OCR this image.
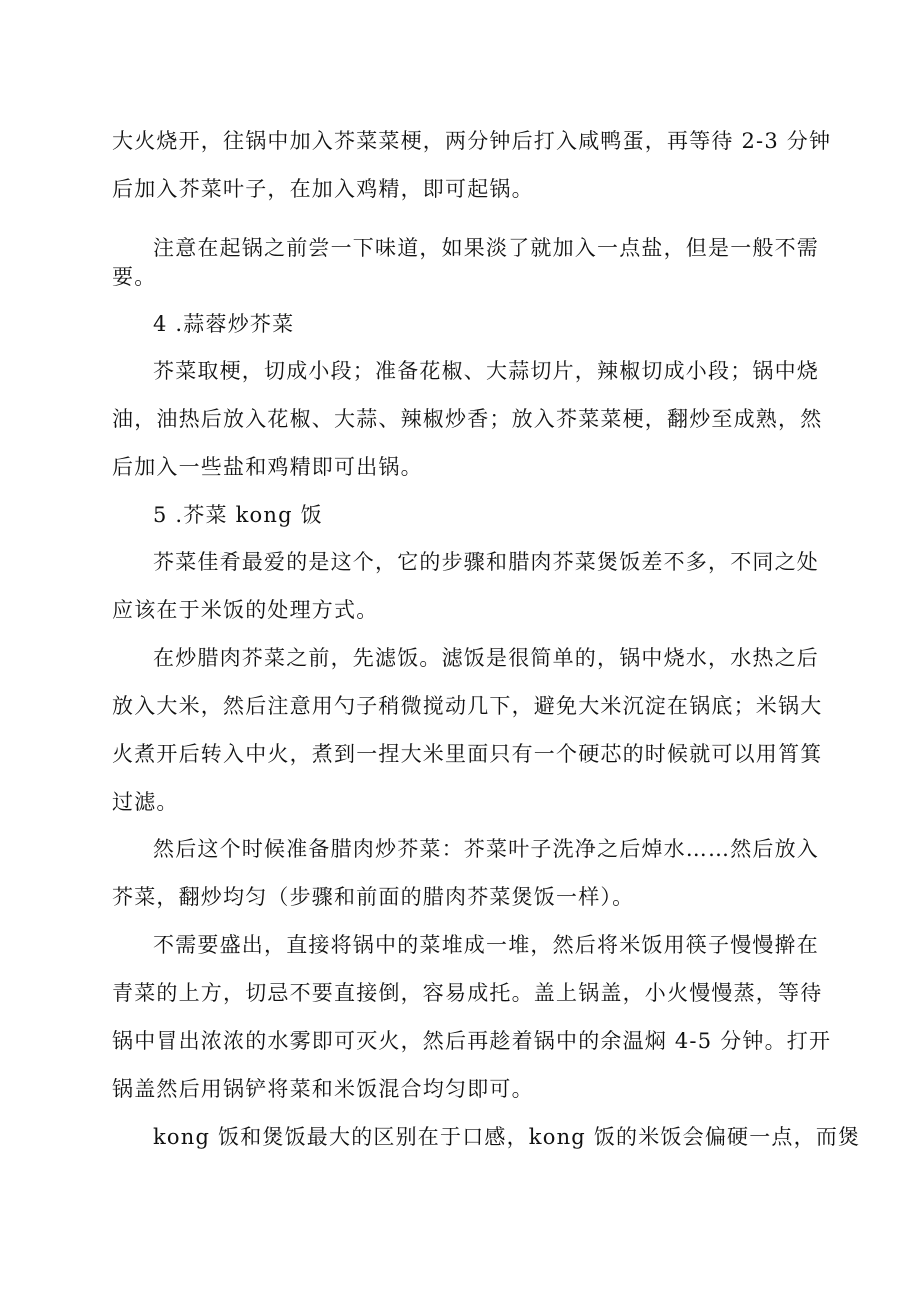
大火烧开，往锅中加入芥菜菜梗，两分钟后打入咸鸭蛋，再等待 2-3 分钟
后加入芥菜叶子，在加入鸡精，即可起锅。
注意在起锅之前尝一下味道，如果淡了就加入一点盐，但是一般不需
要。
4 .蒜蓉炒芥菜
芥菜取梗，切成小段；准备花椒、大蒜切片，辣椒切成小段；锅中烧
油，油热后放入花椒、大蒜、辣椒炒香；放入芥菜菜梗，翻炒至成熟，然
后加入一些盐和鸡精即可出锅。
5 .芥菜 kong 饭
芥菜佳肴最爱的是这个，它的步骤和腊肉芥菜煲饭差不多，不同之处
应该在于米饭的处理方式。
在炒腊肉芥菜之前，先滤饭。滤饭是很简单的，锅中烧水，水热之后
放入大米，然后注意用勺子稍微搅动几下，避免大米沉淀在锅底；米锅大
火煮开后转入中火，煮到一捏大米里面只有一个硬芯的时候就可以用筲箕
过滤。
然后这个时候准备腊肉炒芥菜：芥菜叶子洗净之后焯水……然后放入
芥菜，翻炒均匀（步骤和前面的腊肉芥菜煲饭一样）。
不需要盛出，直接将锅中的菜堆成一堆，然后将米饭用筷子慢慢擀在
青菜的上方，切忌不要直接倒，容易成托。盖上锅盖，小火慢慢蒸，等待
锅中冒出浓浓的水雾即可灭火，然后再趁着锅中的余温焖 4-5 分钟。打开
锅盖然后用锅铲将菜和米饭混合均匀即可。
kong 饭和煲饭最大的区别在于口感，kong 饭的米饭会偏硬一点，而煲
